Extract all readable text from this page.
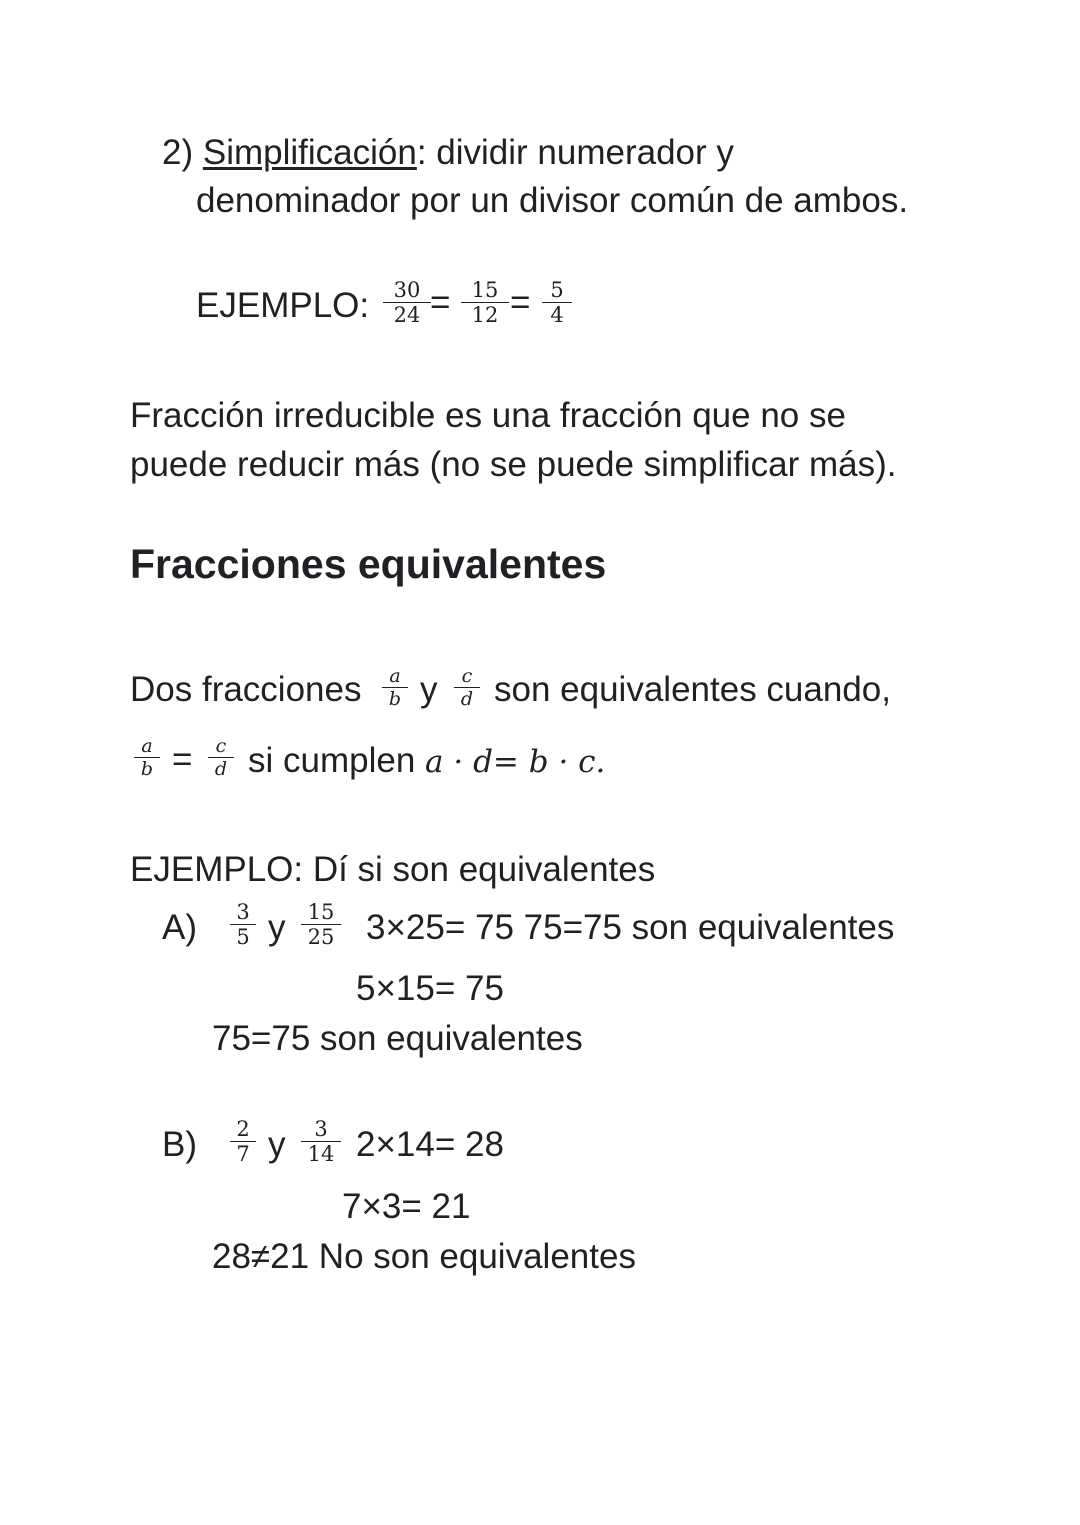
2) Simplificación: dividir numerador y
denominador por un divisor común de ambos.
EJEMPLO: 30
24 = 15
12 = 5
4
Fracción irreducible es una fracción que no se
puede reducir más (no se puede simplificar más).
Fracciones equivalentes
Dos fracciones a
b y c
d son equivalentes cuando,
a
b = c
d si cumplen a · d= b · c.
EJEMPLO: Dí si son equivalentes
A) 3
5 y 15
25 3×25= 75 75=75 son equivalentes
5×15= 75
75=75 son equivalentes
B) 2
7 y 3
14 2×14= 28
7×3= 21
28≠21 No son equivalentes
